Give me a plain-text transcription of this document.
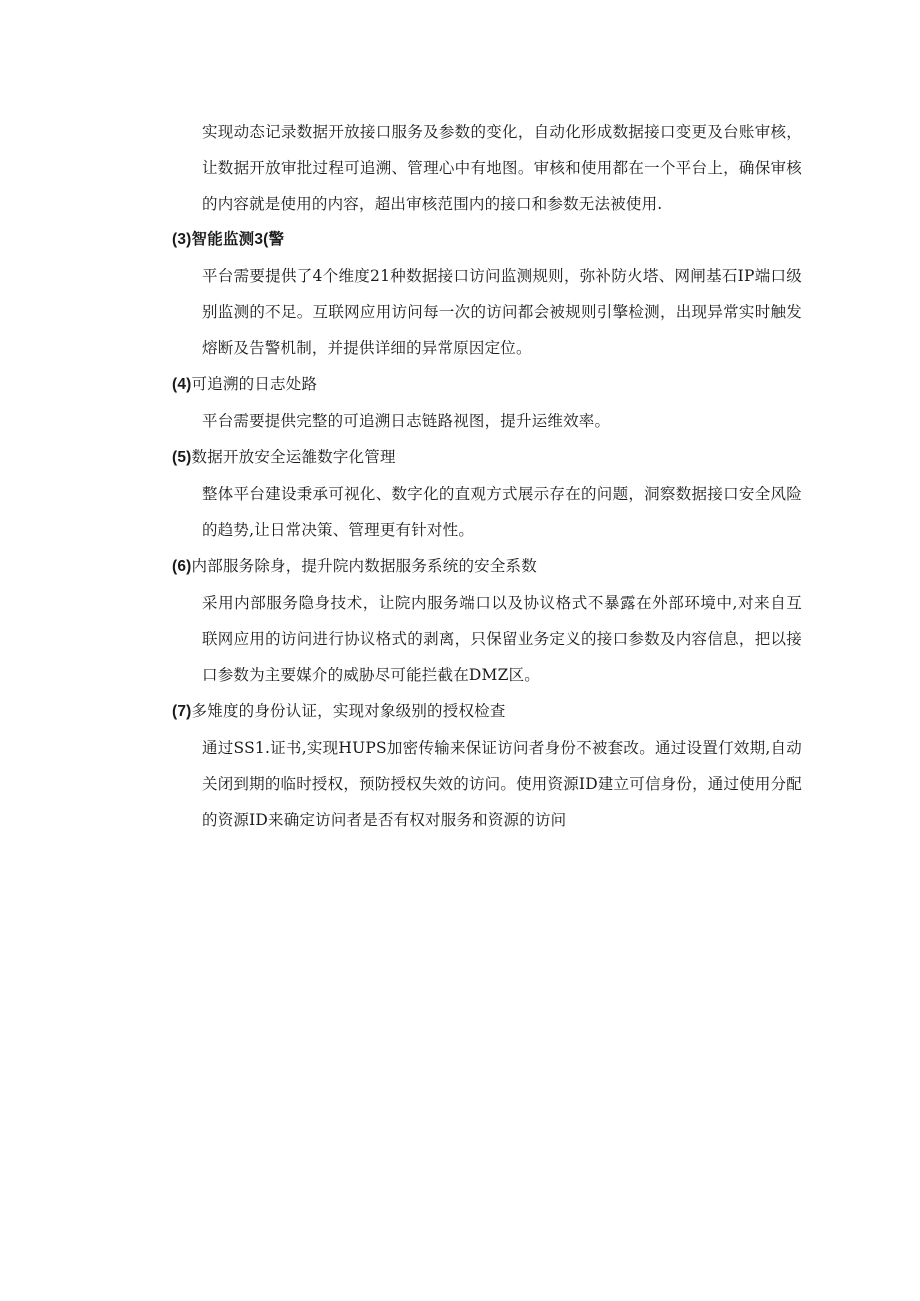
实现动态记录数据开放接口服务及参数的变化，自动化形成数据接口变更及台账审核，让数据开放审批过程可追溯、管理心中有地图。审核和使用都在一个平台上，确保审核的内容就是使用的内容，超出审核范围内的接口和参数无法被使用.

(3)智能监测3(警

平台需要提供了4个维度21种数据接口访问监测规则，弥补防火塔、网闸基石IP端口级别监测的不足。互联网应用访问每一次的访问都会被规则引擎检测，出现异常实时触发熔断及告警机制，并提供详细的异常原因定位。

(4)可追溯的日志处路

平台需要提供完整的可追溯日志链路视图，提升运维效率。

(5)数据开放安全运雒数字化管理

整体平台建设秉承可视化、数字化的直观方式展示存在的问题，洞察数据接口安全风险的趋势,让日常决策、管理更有针对性。

(6)内部服务除身，提升院内数据服务系统的安全系数

采用内部服务隐身技术，让院内服务端口以及协议格式不暴露在外部环境中,对来自互联网应用的访问进行协议格式的剥离，只保留业务定义的接口参数及内容信息，把以接口参数为主要媒介的威胁尽可能拦截在DMZ区。

(7)多雉度的身份认证，实现对象级别的授权检查

通过SS1.证书,实现HUPS加密传输来保证访问者身份不被套改。通过设置仃效期,自动关闭到期的临时授权，预防授权失效的访问。使用资源ID建立可信身份，通过使用分配的资源ID来确定访问者是否有权对服务和资源的访问
